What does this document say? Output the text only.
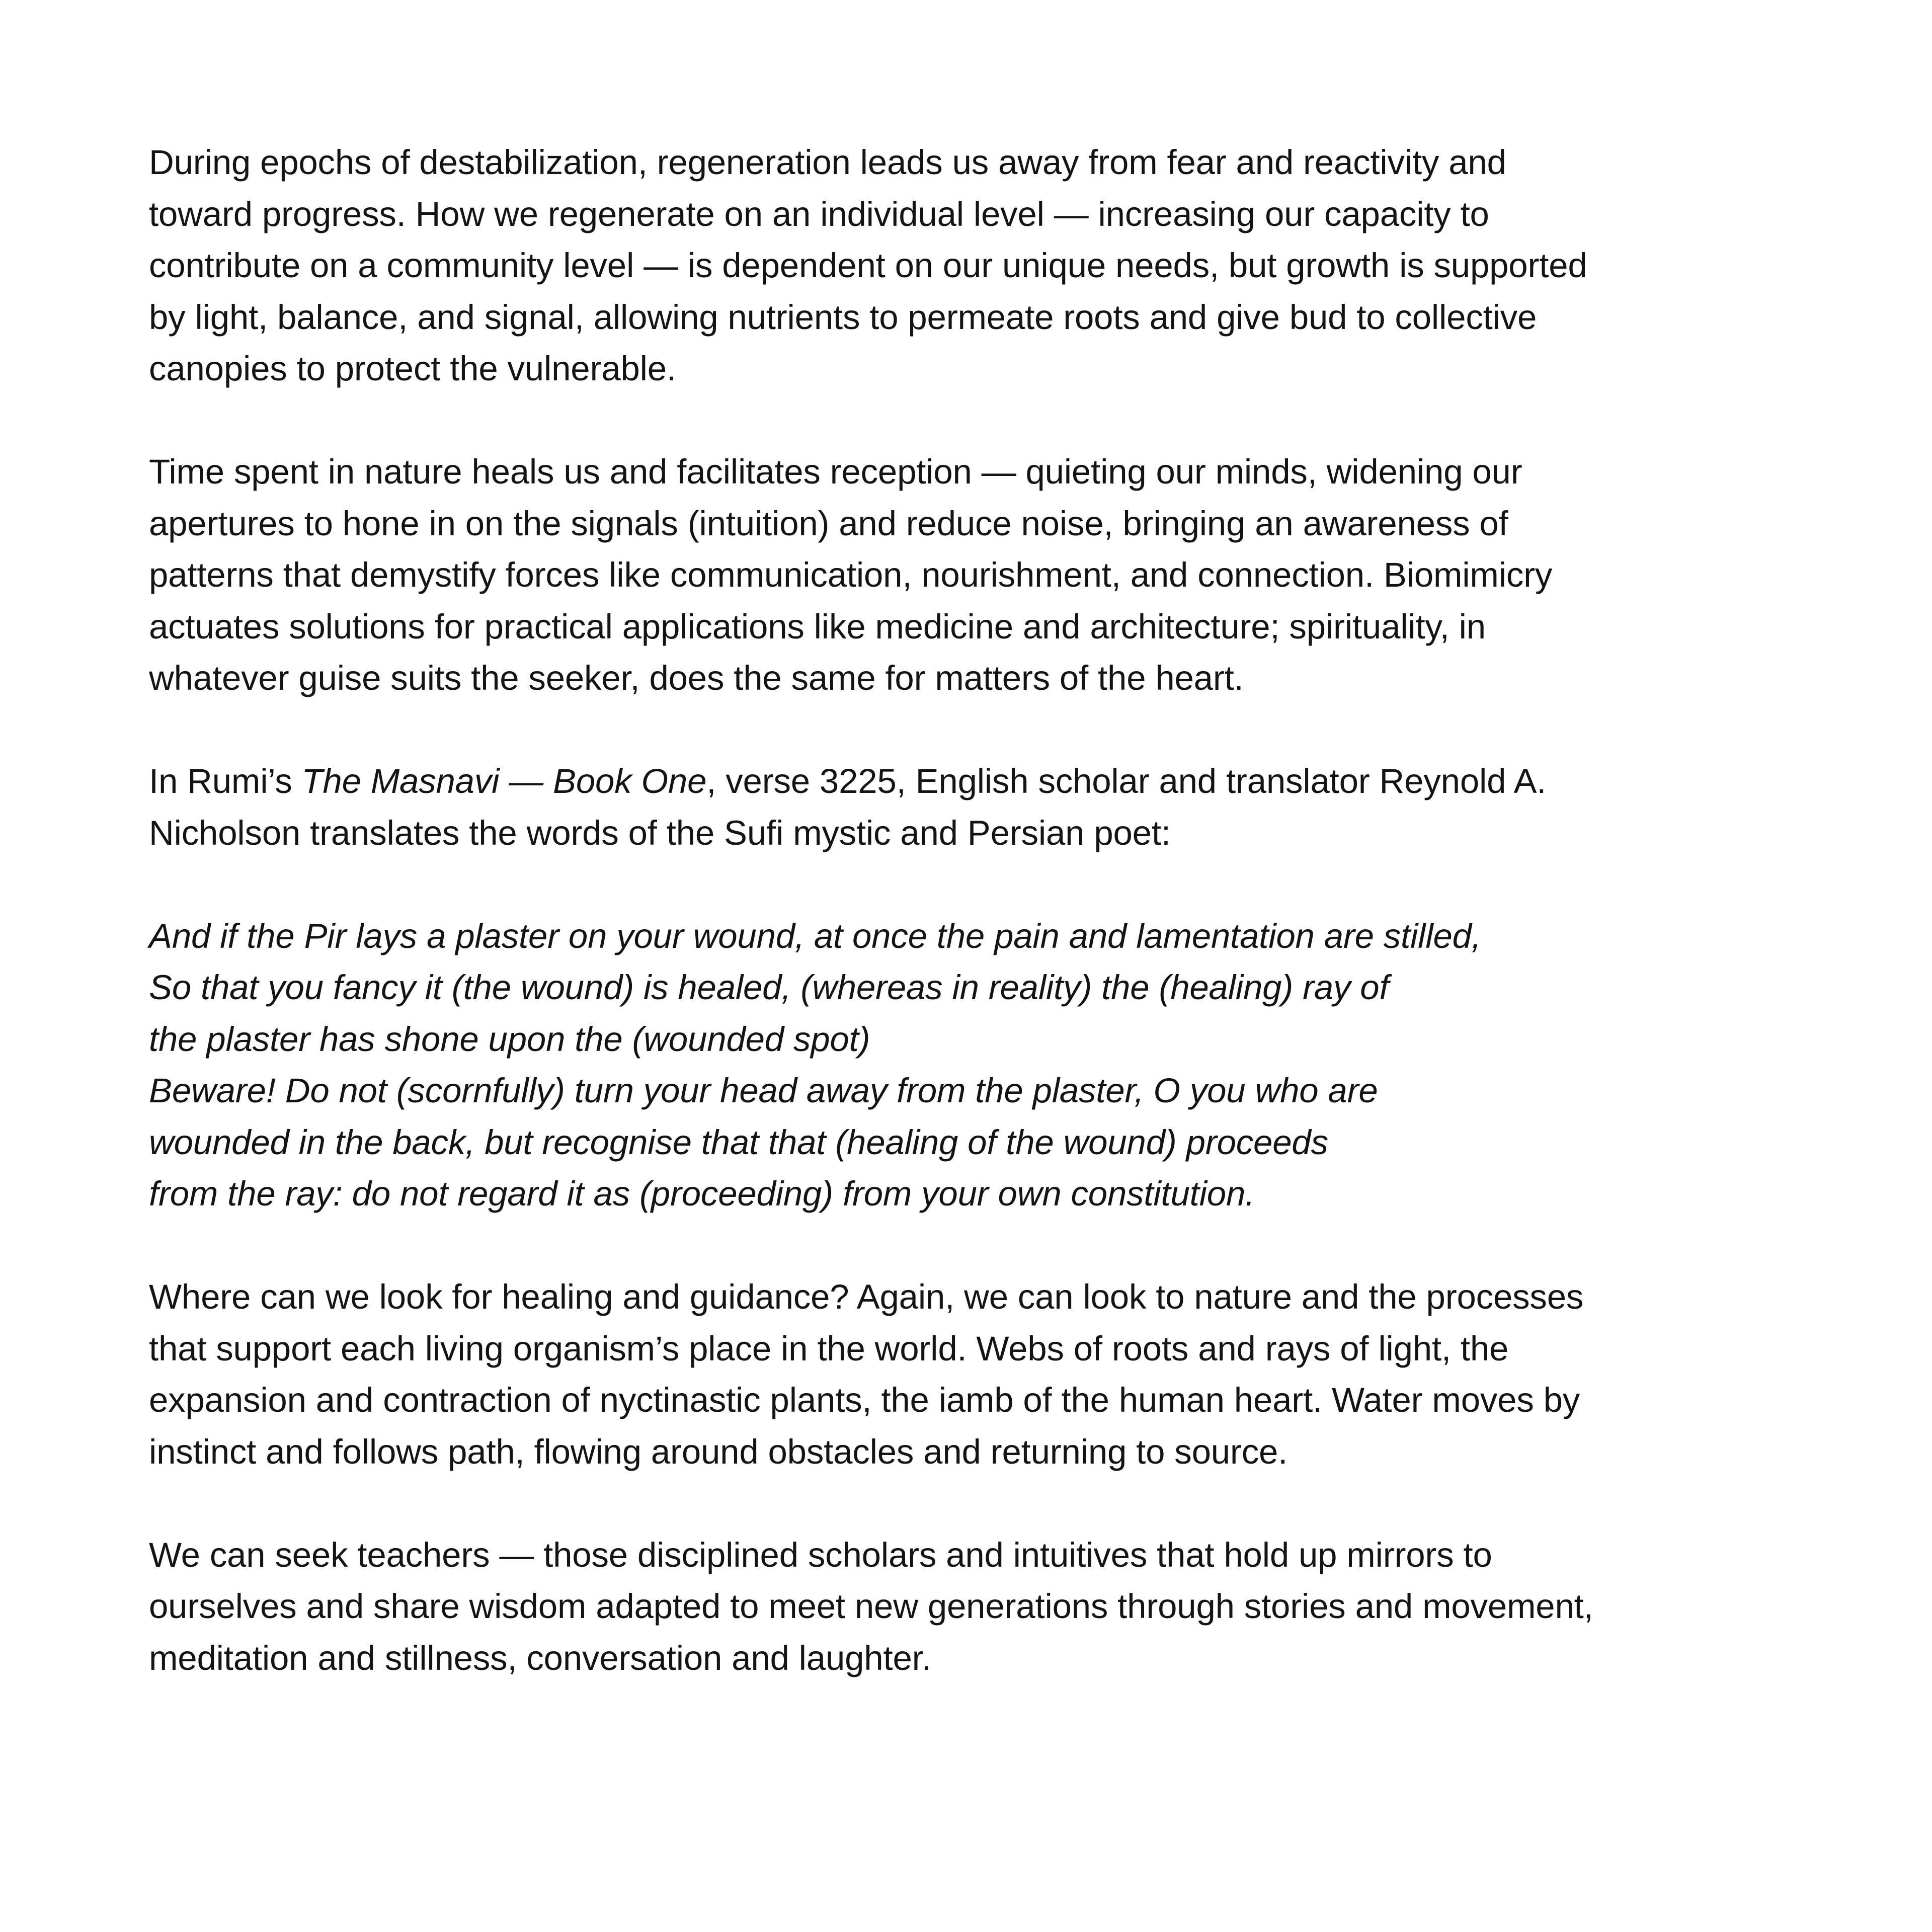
During epochs of destabilization, regeneration leads us away from fear and reactivity and
toward progress. How we regenerate on an individual level — increasing our capacity to
contribute on a community level — is dependent on our unique needs, but growth is supported
by light, balance, and signal, allowing nutrients to permeate roots and give bud to collective
canopies to protect the vulnerable.

Time spent in nature heals us and facilitates reception — quieting our minds, widening our
apertures to hone in on the signals (intuition) and reduce noise, bringing an awareness of
patterns that demystify forces like communication, nourishment, and connection. Biomimicry
actuates solutions for practical applications like medicine and architecture; spirituality, in
whatever guise suits the seeker, does the same for matters of the heart.

In Rumi’s The Masnavi — Book One, verse 3225, English scholar and translator Reynold A.
Nicholson translates the words of the Sufi mystic and Persian poet:

And if the Pir lays a plaster on your wound, at once the pain and lamentation are stilled,
So that you fancy it (the wound) is healed, (whereas in reality) the (healing) ray of
the plaster has shone upon the (wounded spot)
Beware! Do not (scornfully) turn your head away from the plaster, O you who are
wounded in the back, but recognise that that (healing of the wound) proceeds
from the ray: do not regard it as (proceeding) from your own constitution.

Where can we look for healing and guidance? Again, we can look to nature and the processes
that support each living organism’s place in the world. Webs of roots and rays of light, the
expansion and contraction of nyctinastic plants, the iamb of the human heart. Water moves by
instinct and follows path, flowing around obstacles and returning to source.

We can seek teachers — those disciplined scholars and intuitives that hold up mirrors to
ourselves and share wisdom adapted to meet new generations through stories and movement,
meditation and stillness, conversation and laughter.
